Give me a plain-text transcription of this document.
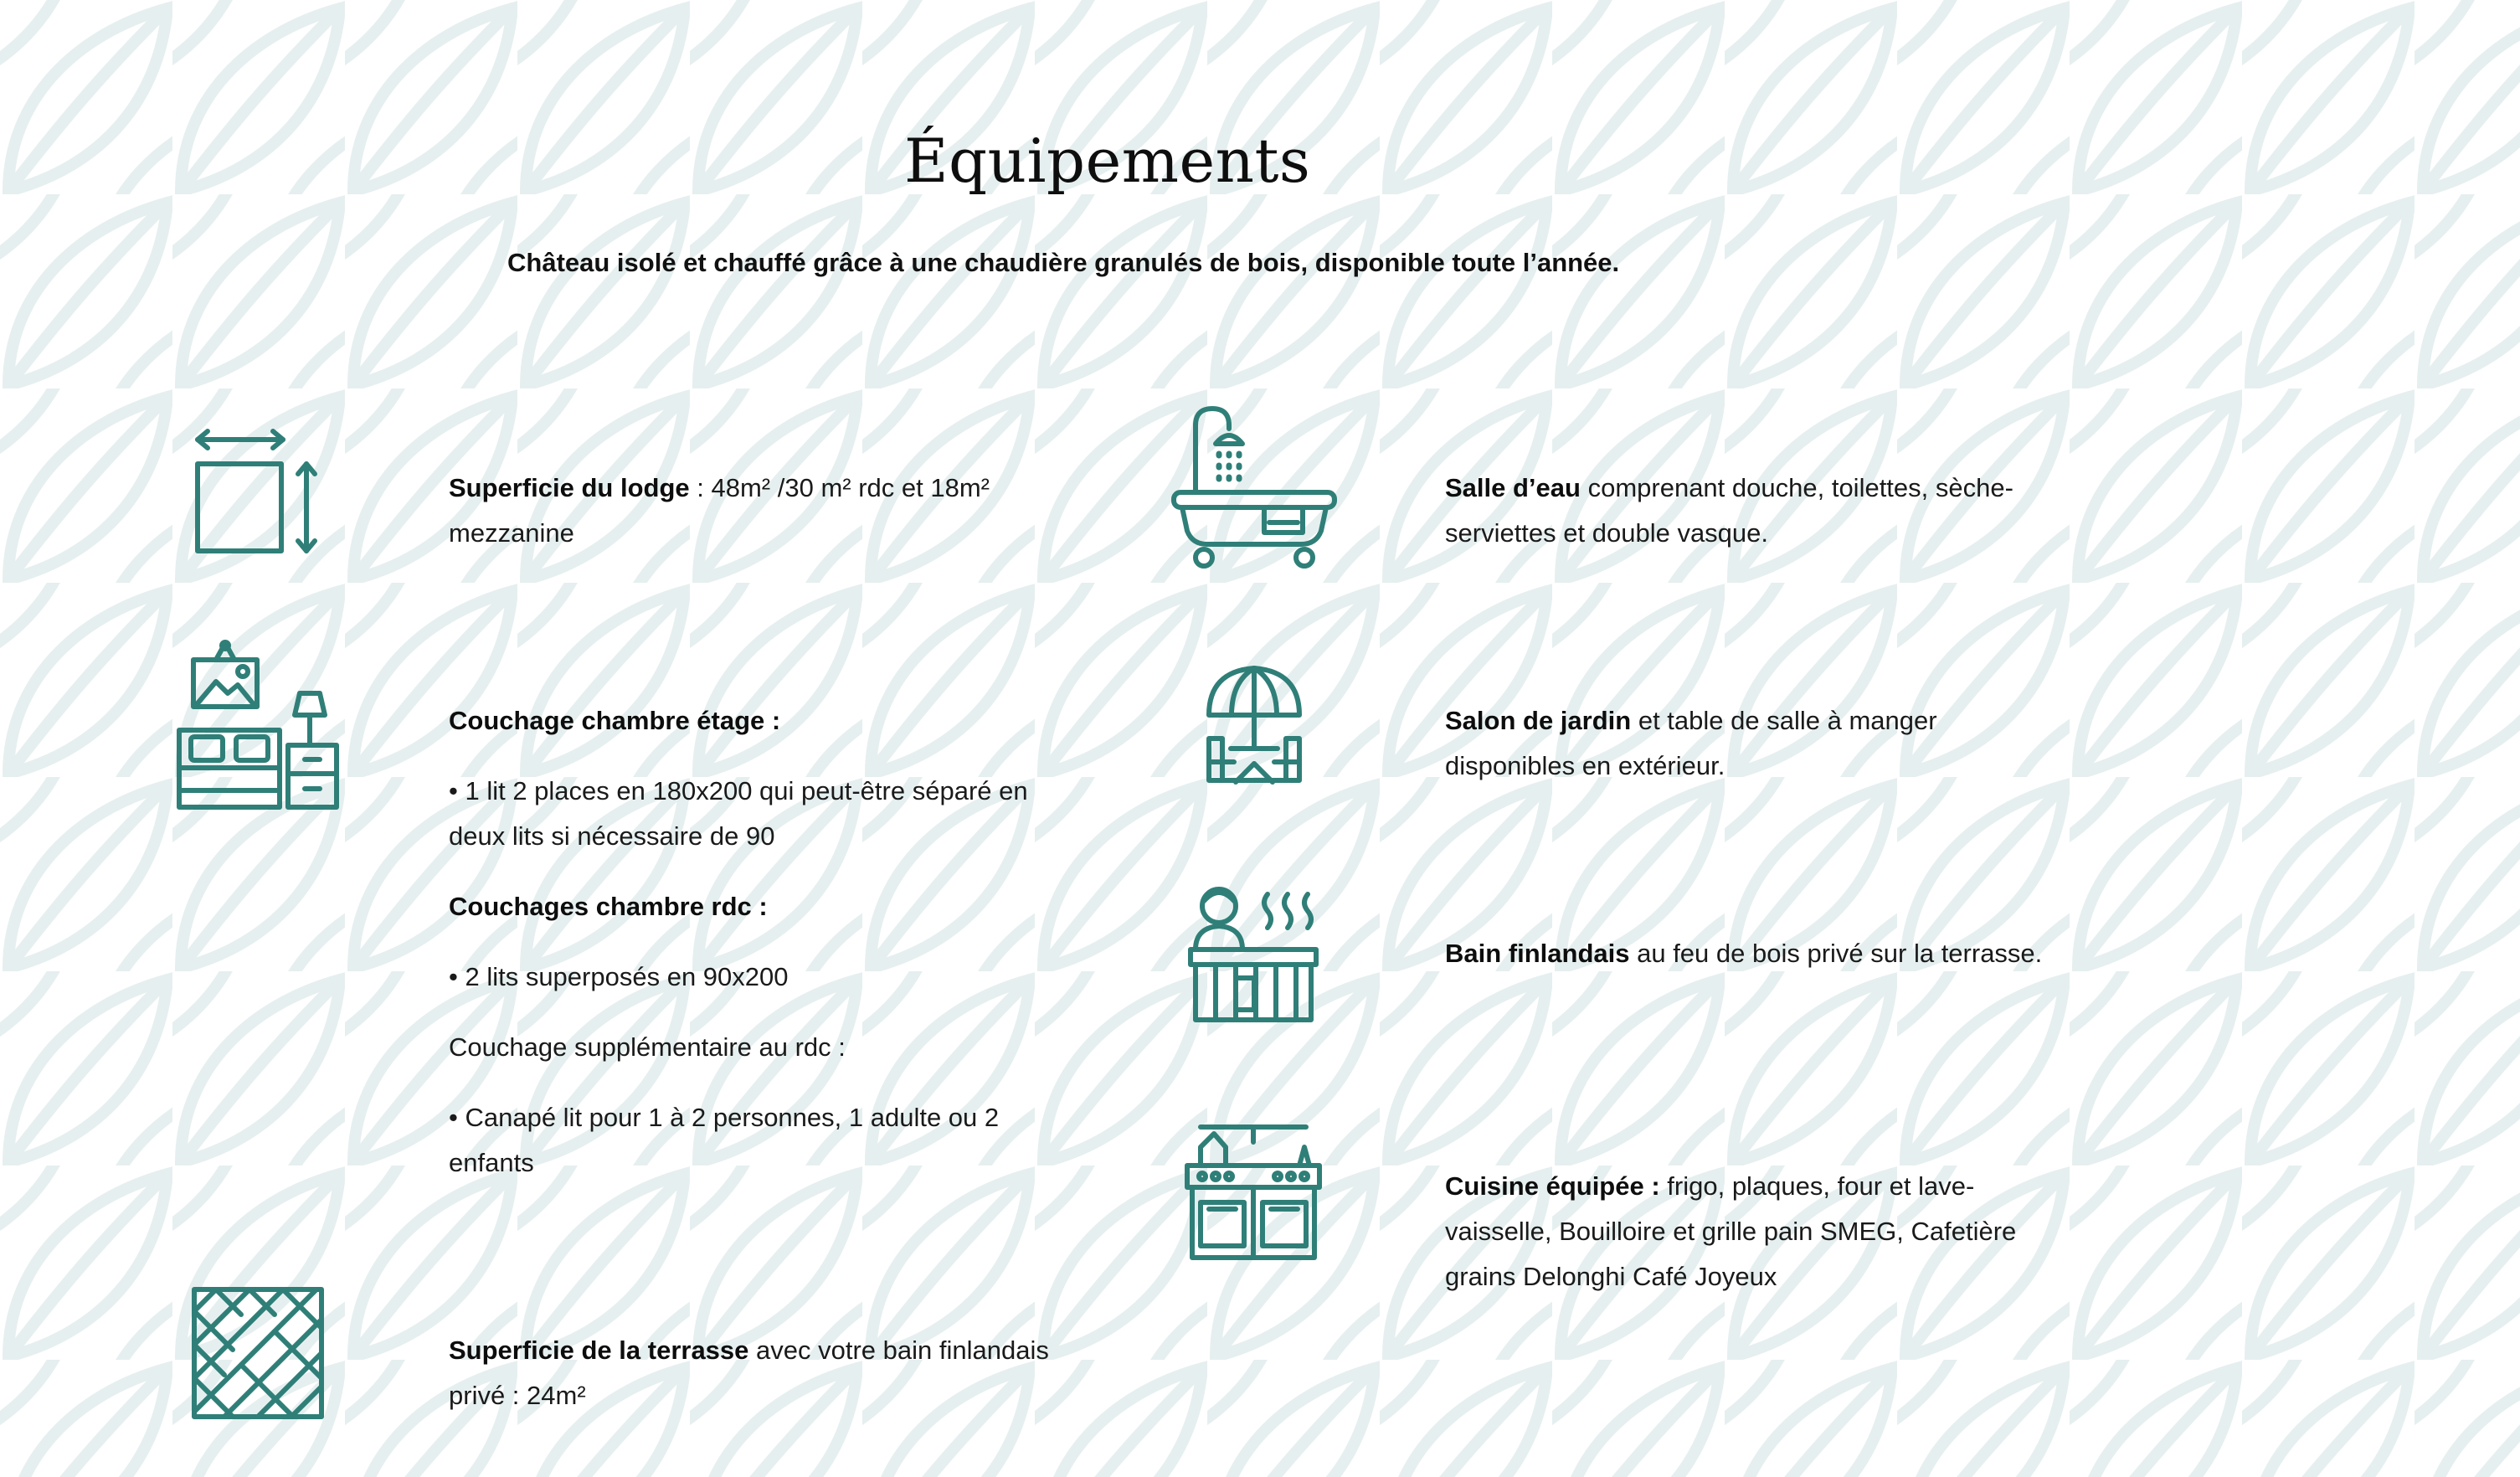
Équipements

Château isolé et chauffé grâce à une chaudière granulés de bois, disponible toute l’année.

Superficie du lodge : 48m² /30 m² rdc et 18m² mezzanine

Couchage chambre étage :

• 1 lit 2 places en 180x200 qui peut-être séparé en deux lits si nécessaire de 90

Couchages chambre rdc :

• 2 lits superposés en 90x200

Couchage supplémentaire au rdc :

• Canapé lit pour 1 à 2 personnes, 1 adulte ou 2 enfants

Superficie de la terrasse avec votre bain finlandais privé : 24m²

Salle d’eau comprenant douche, toilettes, sèche-serviettes et double vasque.

Salon de jardin et table de salle à manger disponibles en extérieur.

Bain finlandais au feu de bois privé sur la terrasse.

Cuisine équipée : frigo, plaques, four et lave-vaisselle, Bouilloire et grille pain SMEG, Cafetière grains Delonghi Café Joyeux
